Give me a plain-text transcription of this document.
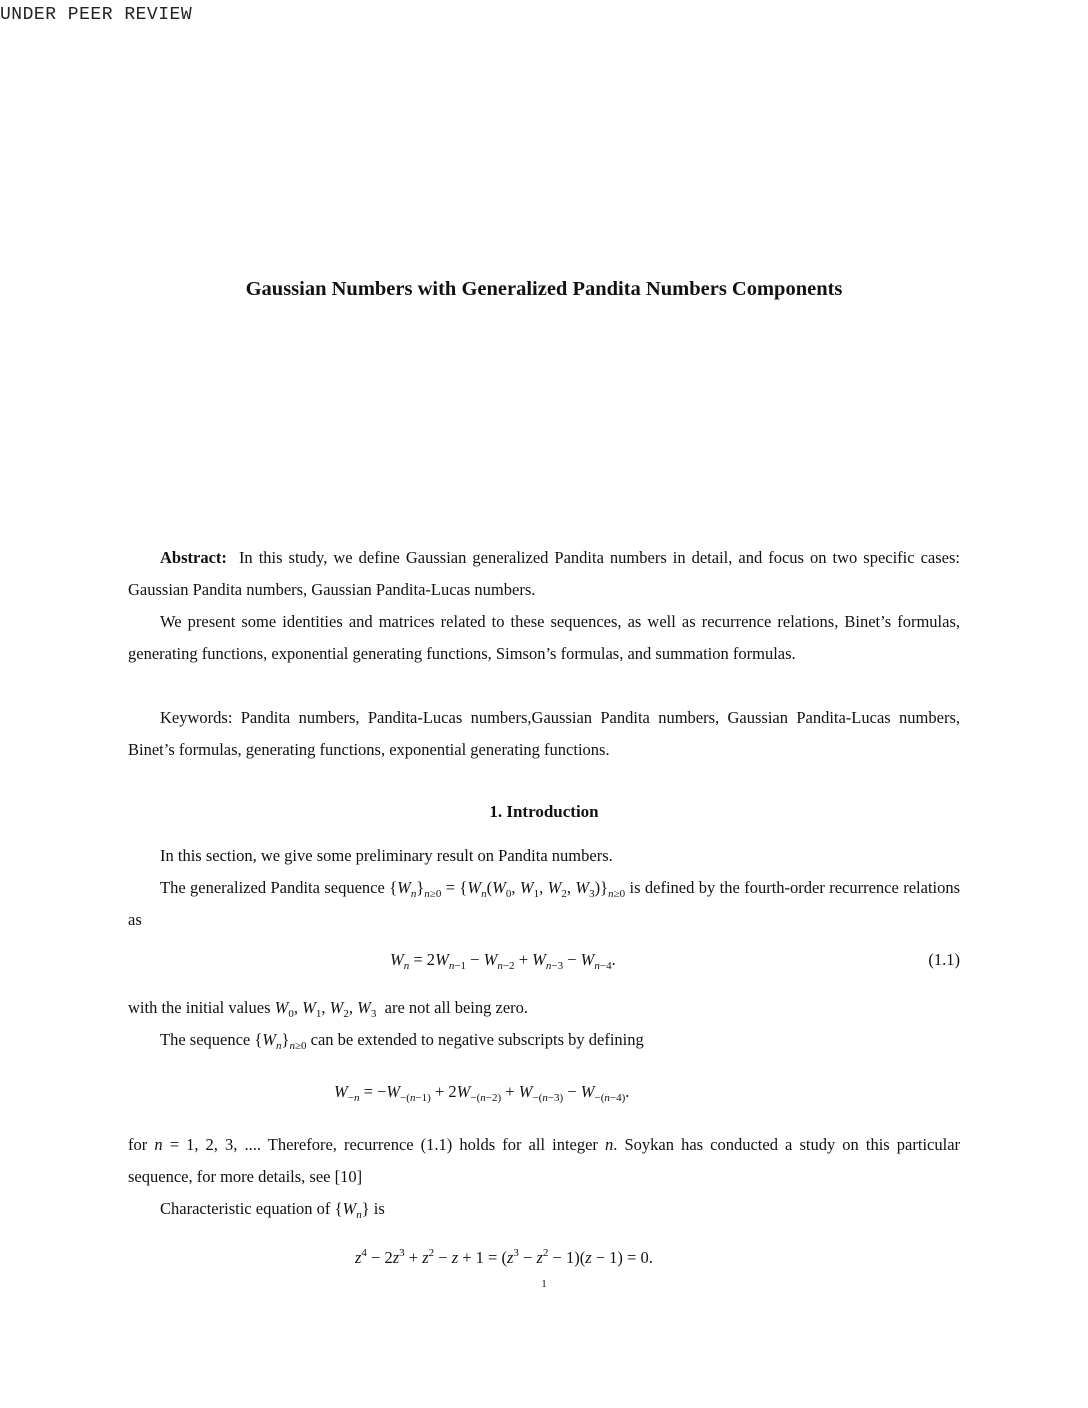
UNDER PEER REVIEW
Gaussian Numbers with Generalized Pandita Numbers Components
Abstract: In this study, we define Gaussian generalized Pandita numbers in detail, and focus on two specific cases: Gaussian Pandita numbers, Gaussian Pandita-Lucas numbers.
We present some identities and matrices related to these sequences, as well as recurrence relations, Binet’s formulas, generating functions, exponential generating functions, Simson’s formulas, and summation formulas.
Keywords: Pandita numbers, Pandita-Lucas numbers,Gaussian Pandita numbers, Gaussian Pandita-Lucas numbers, Binet’s formulas, generating functions, exponential generating functions.
1. Introduction
In this section, we give some preliminary result on Pandita numbers.
The generalized Pandita sequence $\{W_n\}_{n\ge 0} = \{W_n(W_0$, $W_1$, $W_2$, $W_3)\}_{n\ge 0}$ is defined by the fourth-order recurrence relations as
$W_n = 2W_{n-1} - W_{n-2} + W_{n-3} - W_{n-4}$.	(1.1)
with the initial values $W_0$, $W_1$, $W_2$, $W_3$ are not all being zero.
The sequence $\{W_n\}_{n\ge 0}$ can be extended to negative subscripts by defining
$W_{-n} = -W_{-(n-1)} + 2W_{-(n-2)} + W_{-(n-3)} - W_{-(n-4)}$.
for n = 1, 2, 3, .... Therefore, recurrence (1.1) holds for all integer n. Soykan has conducted a study on this particular sequence, for more details, see [10]
Characteristic equation of $\{W_n\}$ is
$z^4 - 2z^3 + z^2 - z + 1 = (z^3 - z^2 - 1)(z - 1) = 0$.
1
